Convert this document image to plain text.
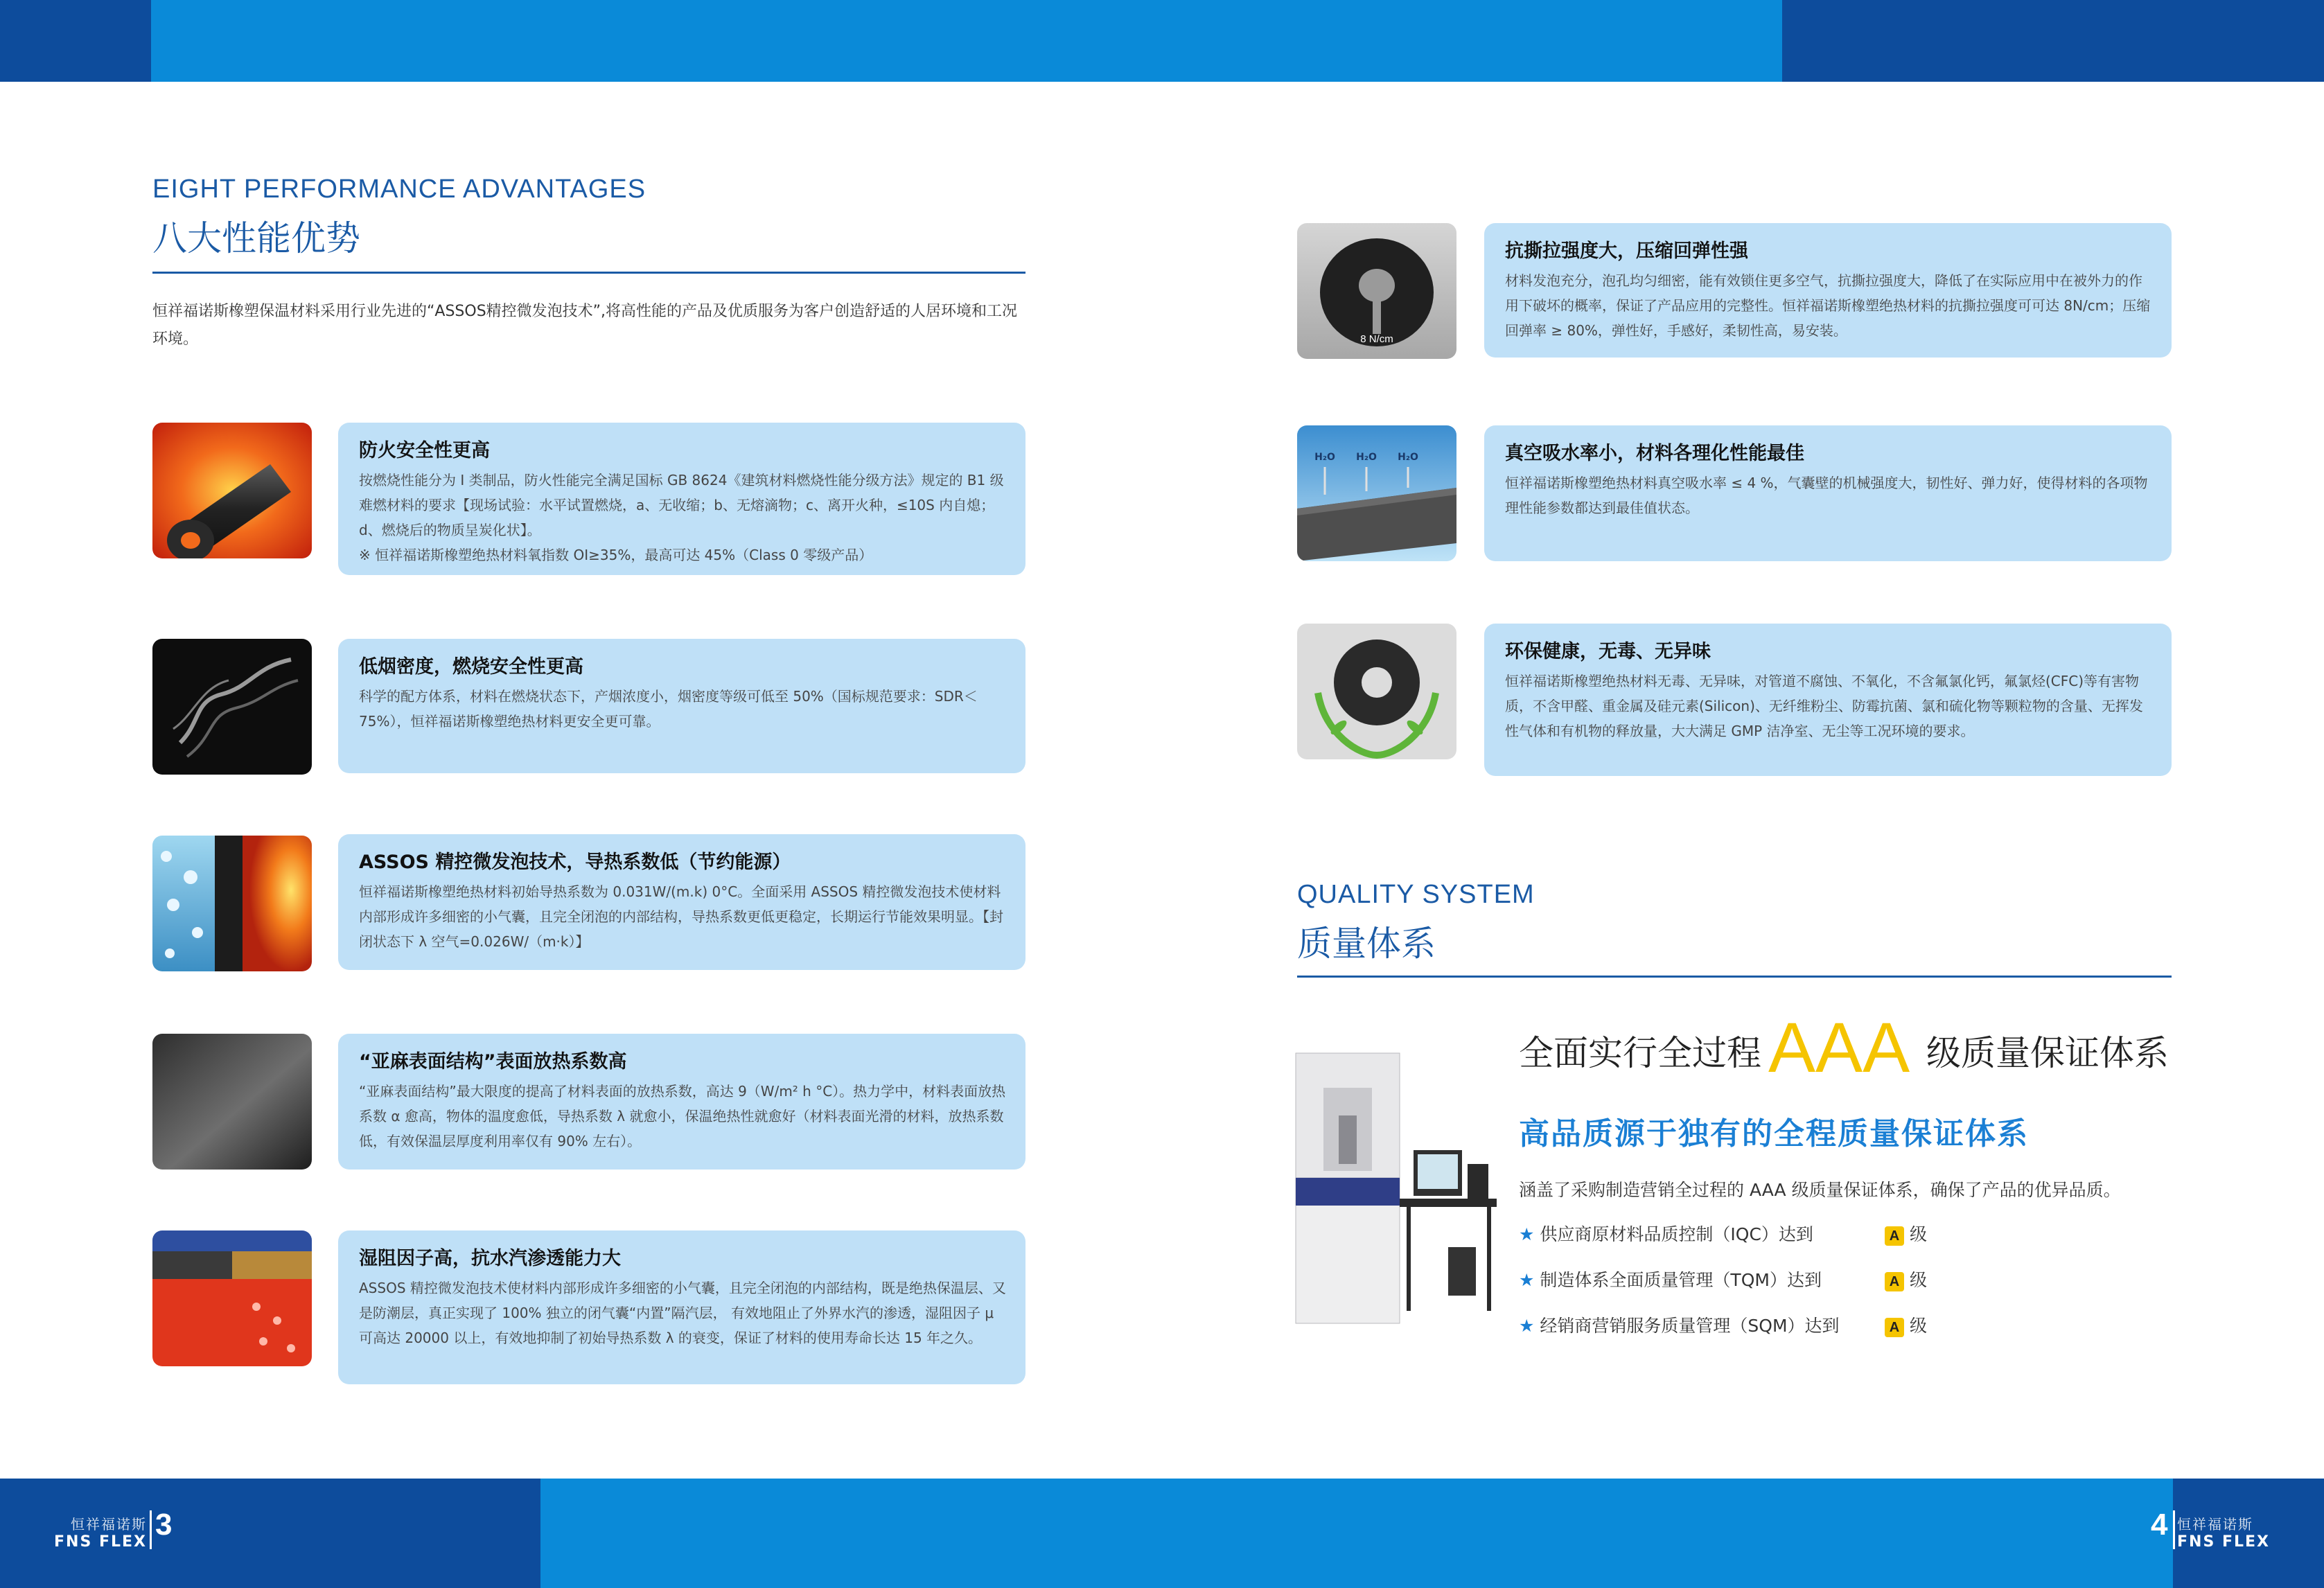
EIGHT PERFORMANCE ADVANTAGES
八大性能优势
恒祥福诺斯橡塑保温材料采用行业先进的“ASSOS精控微发泡技术”,将高性能的产品及优质服务为客户创造舒适的人居环境和工况环境。
防火安全性更高
按燃烧性能分为 I 类制品，防火性能完全满足国标 GB 8624《建筑材料燃烧性能分级方法》规定的 B1 级难燃材料的要求【现场试验：水平试置燃烧，a、无收缩；b、无熔滴物；c、离开火种，≤10S 内自熄； d、燃烧后的物质呈炭化状】。
※ 恒祥福诺斯橡塑绝热材料氧指数 OI≥35%，最高可达 45%（Class 0 零级产品）
低烟密度，燃烧安全性更高
科学的配方体系，材料在燃烧状态下，产烟浓度小，烟密度等级可低至 50%（国标规范要求：SDR＜75%），恒祥福诺斯橡塑绝热材料更安全更可靠。
ASSOS 精控微发泡技术，导热系数低（节约能源）
恒祥福诺斯橡塑绝热材料初始导热系数为 0.031W/(m.k) 0°C。全面采用 ASSOS 精控微发泡技术使材料内部形成许多细密的小气囊，且完全闭泡的内部结构，导热系数更低更稳定，长期运行节能效果明显。【封闭状态下 λ 空气=0.026W/（m·k）】
“亚麻表面结构”表面放热系数高
“亚麻表面结构”最大限度的提高了材料表面的放热系数，高达 9（W/m² h °C）。热力学中，材料表面放热系数 α 愈高，物体的温度愈低，导热系数 λ 就愈小，保温绝热性就愈好（材料表面光滑的材料，放热系数低，有效保温层厚度利用率仅有 90% 左右）。
湿阻因子高，抗水汽渗透能力大
ASSOS 精控微发泡技术使材料内部形成许多细密的小气囊，且完全闭泡的内部结构，既是绝热保温层、又是防潮层，真正实现了 100% 独立的闭气囊“内置”隔汽层， 有效地阻止了外界水汽的渗透，湿阻因子 μ 可高达 20000 以上，有效地抑制了初始导热系数 λ 的衰变，保证了材料的使用寿命长达 15 年之久。
8 N/cm
抗撕拉强度大，压缩回弹性强
材料发泡充分，泡孔均匀细密，能有效锁住更多空气，抗撕拉强度大，降低了在实际应用中在被外力的作用下破坏的概率，保证了产品应用的完整性。恒祥福诺斯橡塑绝热材料的抗撕拉强度可可达 8N/cm；压缩回弹率 ≥ 80%，弹性好，手感好，柔韧性高，易安装。
H₂O H₂O H₂O	真空吸水率小，材料各理化性能最佳
恒祥福诺斯橡塑绝热材料真空吸水率 ≤ 4 %，气囊壁的机械强度大，韧性好、弹力好，使得材料的各项物理性能参数都达到最佳值状态。
环保健康，无毒、无异味
恒祥福诺斯橡塑绝热材料无毒、无异味，对管道不腐蚀、不氧化，不含氟氯化钙，氟氯烃(CFC)等有害物质，不含甲醛、重金属及硅元素(Silicon)、无纤维粉尘、防霉抗菌、氯和硫化物等颗粒物的含量、无挥发性气体和有机物的释放量，大大满足 GMP 洁净室、无尘等工况环境的要求。
QUALITY SYSTEM
质量体系
全面实行全过程 AAA 级质量保证体系
高品质源于独有的全程质量保证体系
涵盖了采购制造营销全过程的 AAA 级质量保证体系，确保了产品的优异品质。
★ 供应商原材料品质控制（IQC）达到	A 级
★ 制造体系全面质量管理（TQM）达到	A 级
★ 经销商营销服务质量管理（SQM）达到	A 级
恒祥福诺斯
FNS FLEX
3	4 恒祥福诺斯
FNS FLEX
